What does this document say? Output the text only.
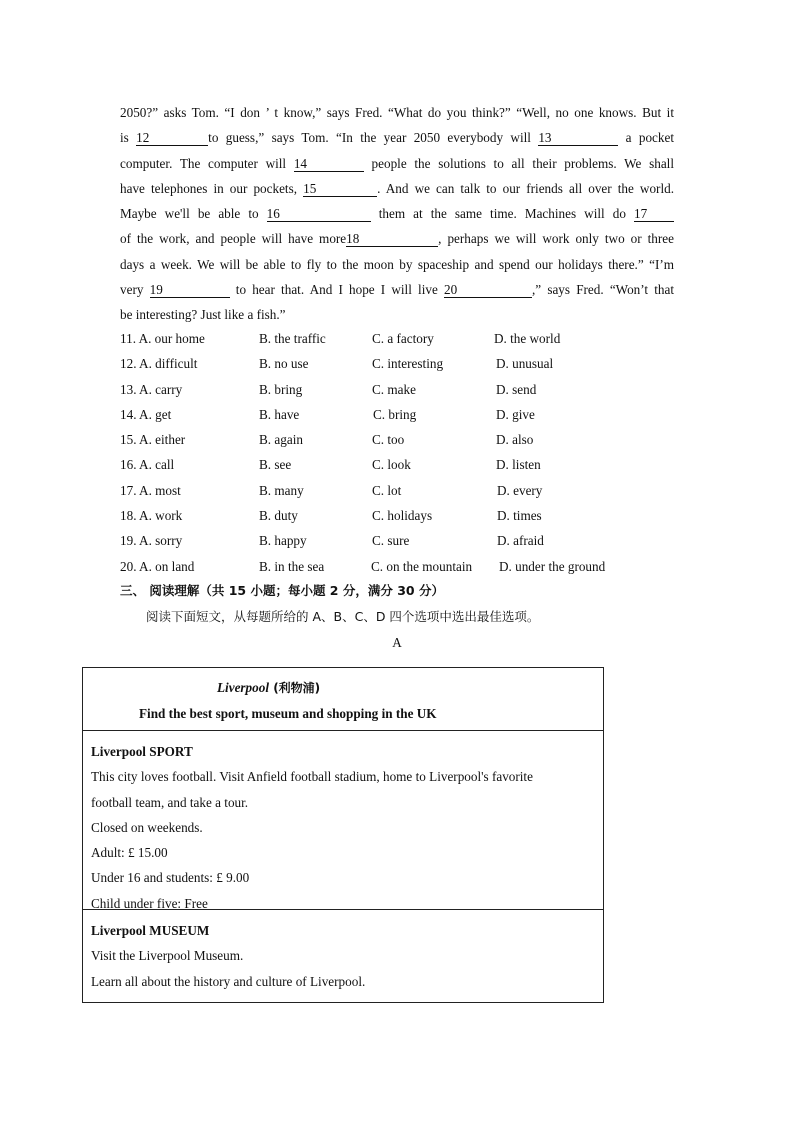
2050?” asks Tom. “I don ’ t know,” says Fred. “What do you think?” “Well, no one knows. But it
is 12	to guess,” says Tom. “In the year 2050 everybody will 13	a pocket
computer. The computer will 14	people the solutions to all their problems. We shall
have telephones in our pockets, 15	. And we can talk to our friends all over the world.
Maybe we'll be able to 16	them at the same time. Machines will do 17
of the work, and people will have more18	, perhaps we will work only two or three
days a week. We will be able to fly to the moon by spaceship and spend our holidays there.” “I’m
very 19	to hear that. And I hope I will live 20	,” says Fred. “Won’t that
be interesting? Just like a fish.”
11. A. our home	B. the traffic	C. a factory	D. the world
12. A. difficult	B. no use	C. interesting	D. unusual
13. A. carry	B. bring	C. make	D. send
14. A. get	B. have	C. bring	D. give
15. A. either	B. again	C. too	D. also
16. A. call	B. see	C. look	D. listen
17. A. most	B. many	C. lot	D. every
18. A. work	B. duty	C. holidays	D. times
19. A. sorry	B. happy	C. sure	D. afraid
20. A. on land	B. in the sea	C. on the mountain D. under the ground
三、 阅读理解（共 15 小题；每小题 2 分，满分 30 分）
阅读下面短文，从每题所给的 A、B、C、D 四个选项中选出最佳选项。
A
Liverpool (利物浦)
Find the best sport, museum and shopping in the UK
Liverpool SPORT
This city loves football. Visit Anfield football stadium, home to Liverpool's favorite
football team, and take a tour.
Closed on weekends.
Adult: £ 15.00
Under 16 and students: £ 9.00
Child under five: Free
Liverpool MUSEUM
Visit the Liverpool Museum.
Learn all about the history and culture of Liverpool.
